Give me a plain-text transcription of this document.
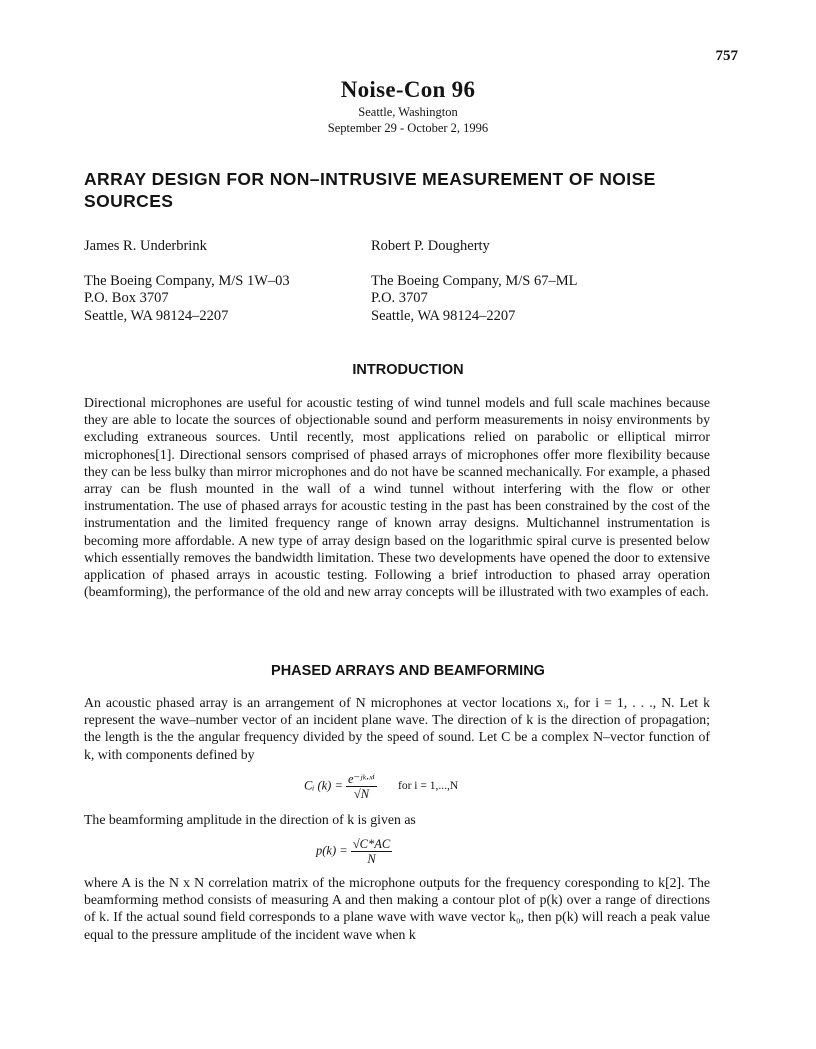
757
Noise-Con 96
Seattle, Washington
September 29 - October 2, 1996
ARRAY DESIGN FOR NON–INTRUSIVE MEASUREMENT OF NOISE SOURCES
James R. Underbrink
The Boeing Company, M/S 1W–03
P.O. Box 3707
Seattle, WA 98124–2207
Robert P. Dougherty
The Boeing Company, M/S 67–ML
P.O. 3707
Seattle, WA 98124–2207
INTRODUCTION
Directional microphones are useful for acoustic testing of wind tunnel models and full scale machines because they are able to locate the sources of objectionable sound and perform measurements in noisy environments by excluding extraneous sources. Until recently, most applications relied on parabolic or elliptical mirror microphones[1]. Directional sensors comprised of phased arrays of microphones offer more flexibility because they can be less bulky than mirror microphones and do not have be scanned mechanically. For example, a phased array can be flush mounted in the wall of a wind tunnel without interfering with the flow or other instrumentation. The use of phased arrays for acoustic testing in the past has been constrained by the cost of the instrumentation and the limited frequency range of known array designs. Multichannel instrumentation is becoming more affordable. A new type of array design based on the logarithmic spiral curve is presented below which essentially removes the bandwidth limitation. These two developments have opened the door to extensive application of phased arrays in acoustic testing. Following a brief introduction to phased array operation (beamforming), the performance of the old and new array concepts will be illustrated with two examples of each.
PHASED ARRAYS AND BEAMFORMING
An acoustic phased array is an arrangement of N microphones at vector locations xᵢ, for i = 1, . . ., N. Let k represent the wave–number vector of an incident plane wave. The direction of k is the direction of propagation; the length is the the angular frequency divided by the speed of sound. Let C be a complex N–vector function of k, with components defined by
Cᵢ $(k) = \frac{\text{e⁻ʲᵏ·ˣⁱ}}{√N}$ for i = 1,...,N
The beamforming amplitude in the direction of k is given as
$p(k) = \frac{√C*AC}{N}$
where A is the N x N correlation matrix of the microphone outputs for the frequency coresponding to k[2]. The beamforming method consists of measuring A and then making a contour plot of p(k) over a range of directions of k. If the actual sound field corresponds to a plane wave with wave vector k₀, then p(k) will reach a peak value equal to the pressure amplitude of the incident wave when k
